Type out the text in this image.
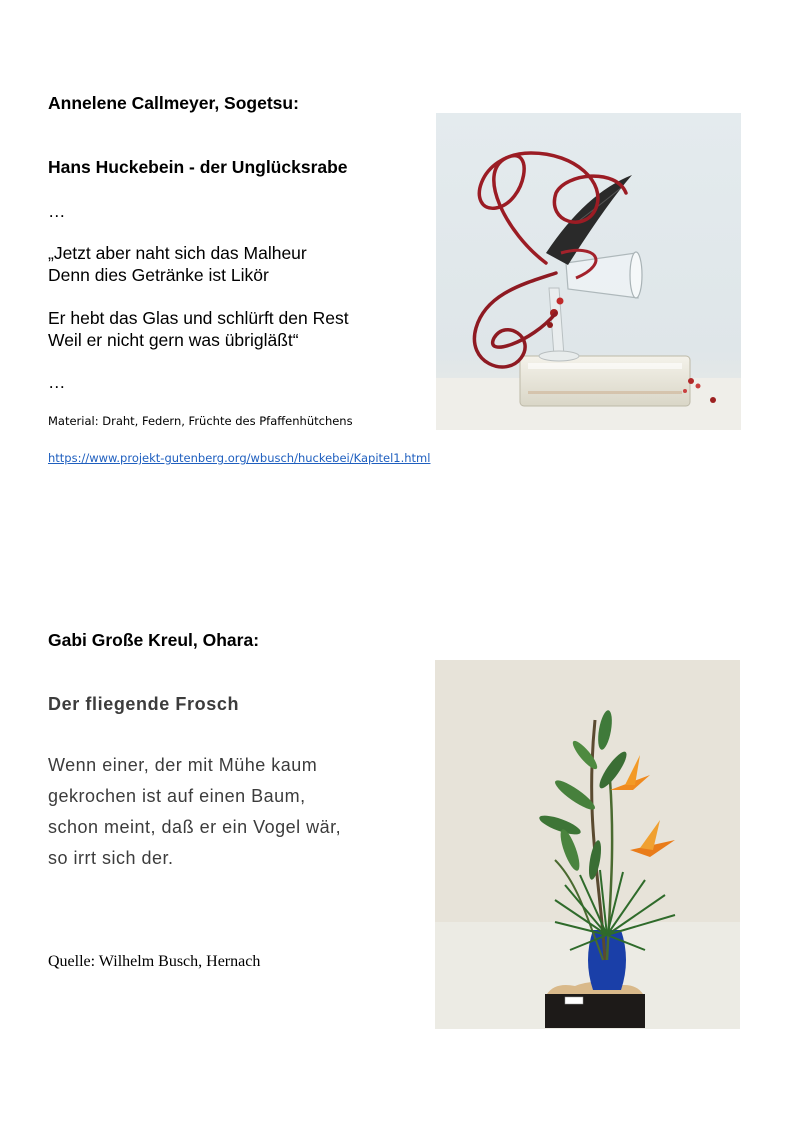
Annelene Callmeyer, Sogetsu:
Hans Huckebein - der Unglücksrabe
…
„Jetzt aber naht sich das Malheur
Denn dies Getränke ist Likör
Er hebt das Glas und schlürft den Rest
Weil er nicht gern was übrigläßt“
…
Material: Draht, Federn, Früchte des Pfaffenhütchens
https://www.projekt-gutenberg.org/wbusch/huckebei/Kapitel1.html
Gabi Große Kreul, Ohara:
Der fliegende Frosch
Wenn einer, der mit Mühe kaum
gekrochen ist auf einen Baum,
schon meint, daß er ein Vogel wär,
so irrt sich der.
Quelle: Wilhelm Busch, Hernach
